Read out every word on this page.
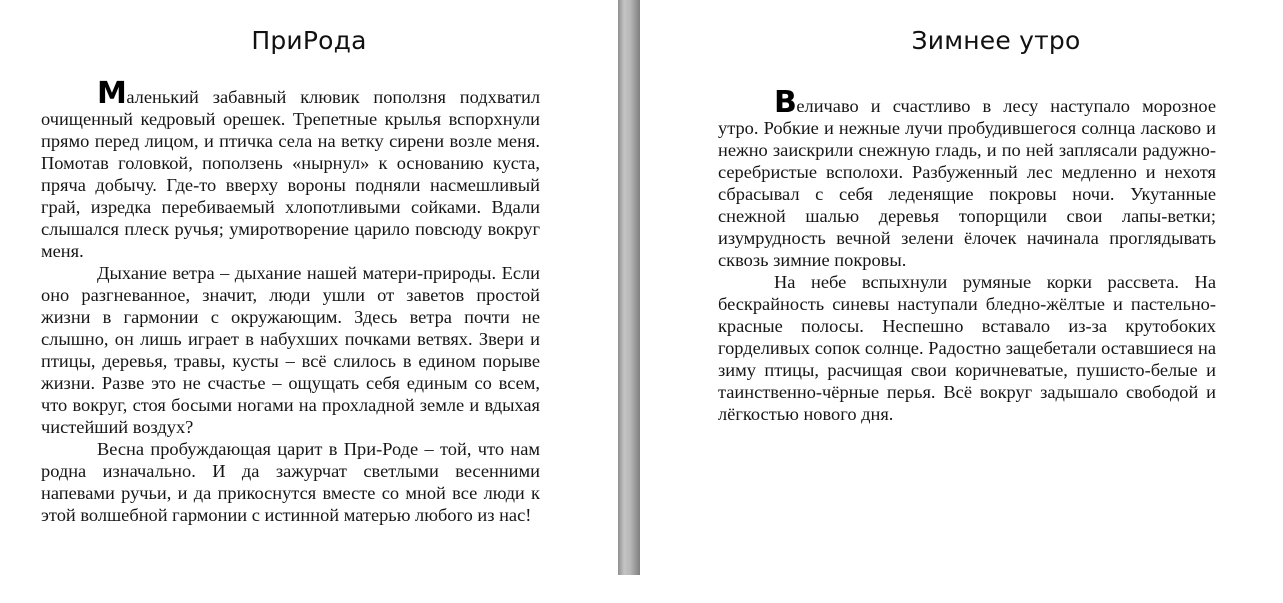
ПриРода

Маленький забавный клювик поползня подхватил очищенный кедровый орешек. Трепетные крылья вспорхнули прямо перед лицом, и птичка села на ветку сирени возле меня. Помотав головкой, поползень «нырнул» к основанию куста, пряча добычу. Где-то вверху вороны подняли насмешливый грай, изредка перебиваемый хлопотливыми сойками. Вдали слышался плеск ручья; умиротворение царило повсюду вокруг меня.

Дыхание ветра – дыхание нашей матери-природы. Если оно разгневанное, значит, люди ушли от заветов простой жизни в гармонии с окружающим. Здесь ветра почти не слышно, он лишь играет в набухших почками ветвях. Звери и птицы, деревья, травы, кусты – всё слилось в едином порыве жизни. Разве это не счастье – ощущать себя единым со всем, что вокруг, стоя босыми ногами на прохладной земле и вдыхая чистейший воздух?

Весна пробуждающая царит в При-Роде – той, что нам родна изначально. И да зажурчат светлыми весенними напевами ручьи, и да прикоснутся вместе со мной все люди к этой волшебной гармонии с истинной матерью любого из нас!

Зимнее утро

Величаво и счастливо в лесу наступало морозное утро. Робкие и нежные лучи пробудившегося солнца ласково и нежно заискрили снежную гладь, и по ней заплясали радужно-серебристые всполохи. Разбуженный лес медленно и нехотя сбрасывал с себя леденящие покровы ночи. Укутанные снежной шалью деревья топорщили свои лапы-ветки; изумрудность вечной зелени ёлочек начинала проглядывать сквозь зимние покровы.

На небе вспыхнули румяные корки рассвета. На бескрайность синевы наступали бледно-жёлтые и пастельно-красные полосы. Неспешно вставало из-за крутобоких горделивых сопок солнце. Радостно защебетали оставшиеся на зиму птицы, расчищая свои коричневатые, пушисто-белые и таинственно-чёрные перья. Всё вокруг задышало свободой и лёгкостью нового дня.
